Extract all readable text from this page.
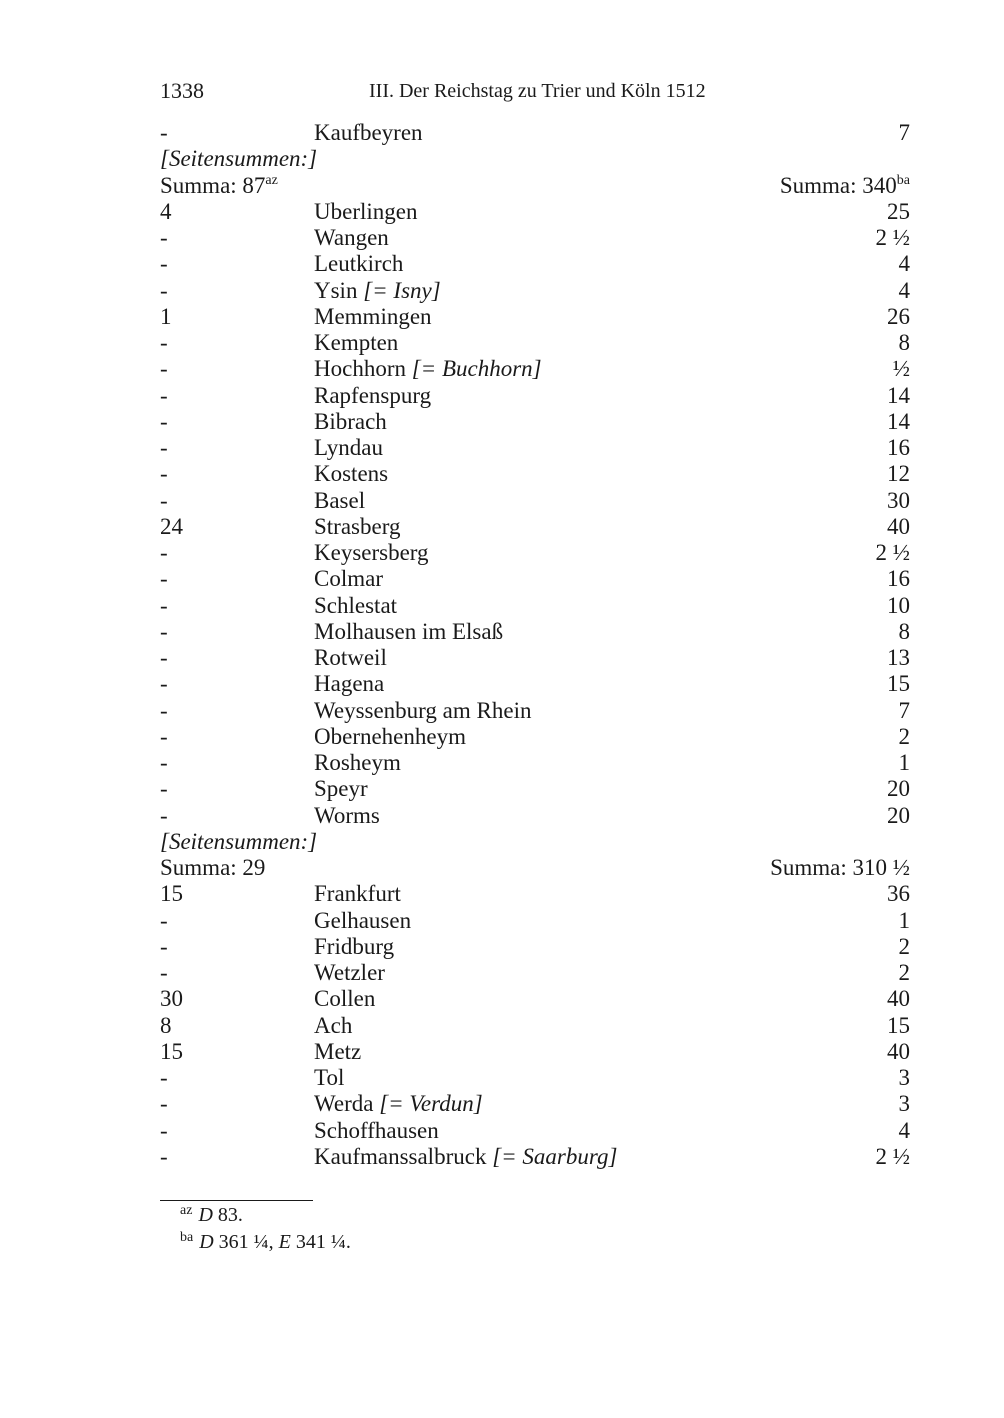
1338	III. Der Reichstag zu Trier und Köln 1512
-	Kaufbeyren	7
[Seitensummen:]
Summa: $87^{az}$	Summa: $340^{ba}$
4	Uberlingen	25
-	Wangen	2 ½
-	Leutkirch	4
-	Ysin [= Isny]	4
1	Memmingen	26
-	Kempten	8
-	Hochhorn [= Buchhorn]	½
-	Rapfenspurg	14
-	Bibrach	14
-	Lyndau	16
-	Kostens	12
-	Basel	30
24	Strasberg	40
-	Keysersberg	2 ½
-	Colmar	16
-	Schlestat	10
-	Molhausen im Elsaß	8
-	Rotweil	13
-	Hagena	15
-	Weyssenburg am Rhein	7
-	Obernehenheym	2
-	Rosheym	1
-	Speyr	20
-	Worms	20
[Seitensummen:]
Summa: 29	Summa: 310 ½
15	Frankfurt	36
-	Gelhausen	1
-	Fridburg	2
-	Wetzler	2
30	Collen	40
8	Ach	15
15	Metz	40
-	Tol	3
-	Werda [= Verdun]	3
-	Schoffhausen	4
-	Kaufmanssalbruck [= Saarburg]	2 ½
$^{az}$ D 83.
$^{ba}$ D 361 ¼, E 341 ¼.
